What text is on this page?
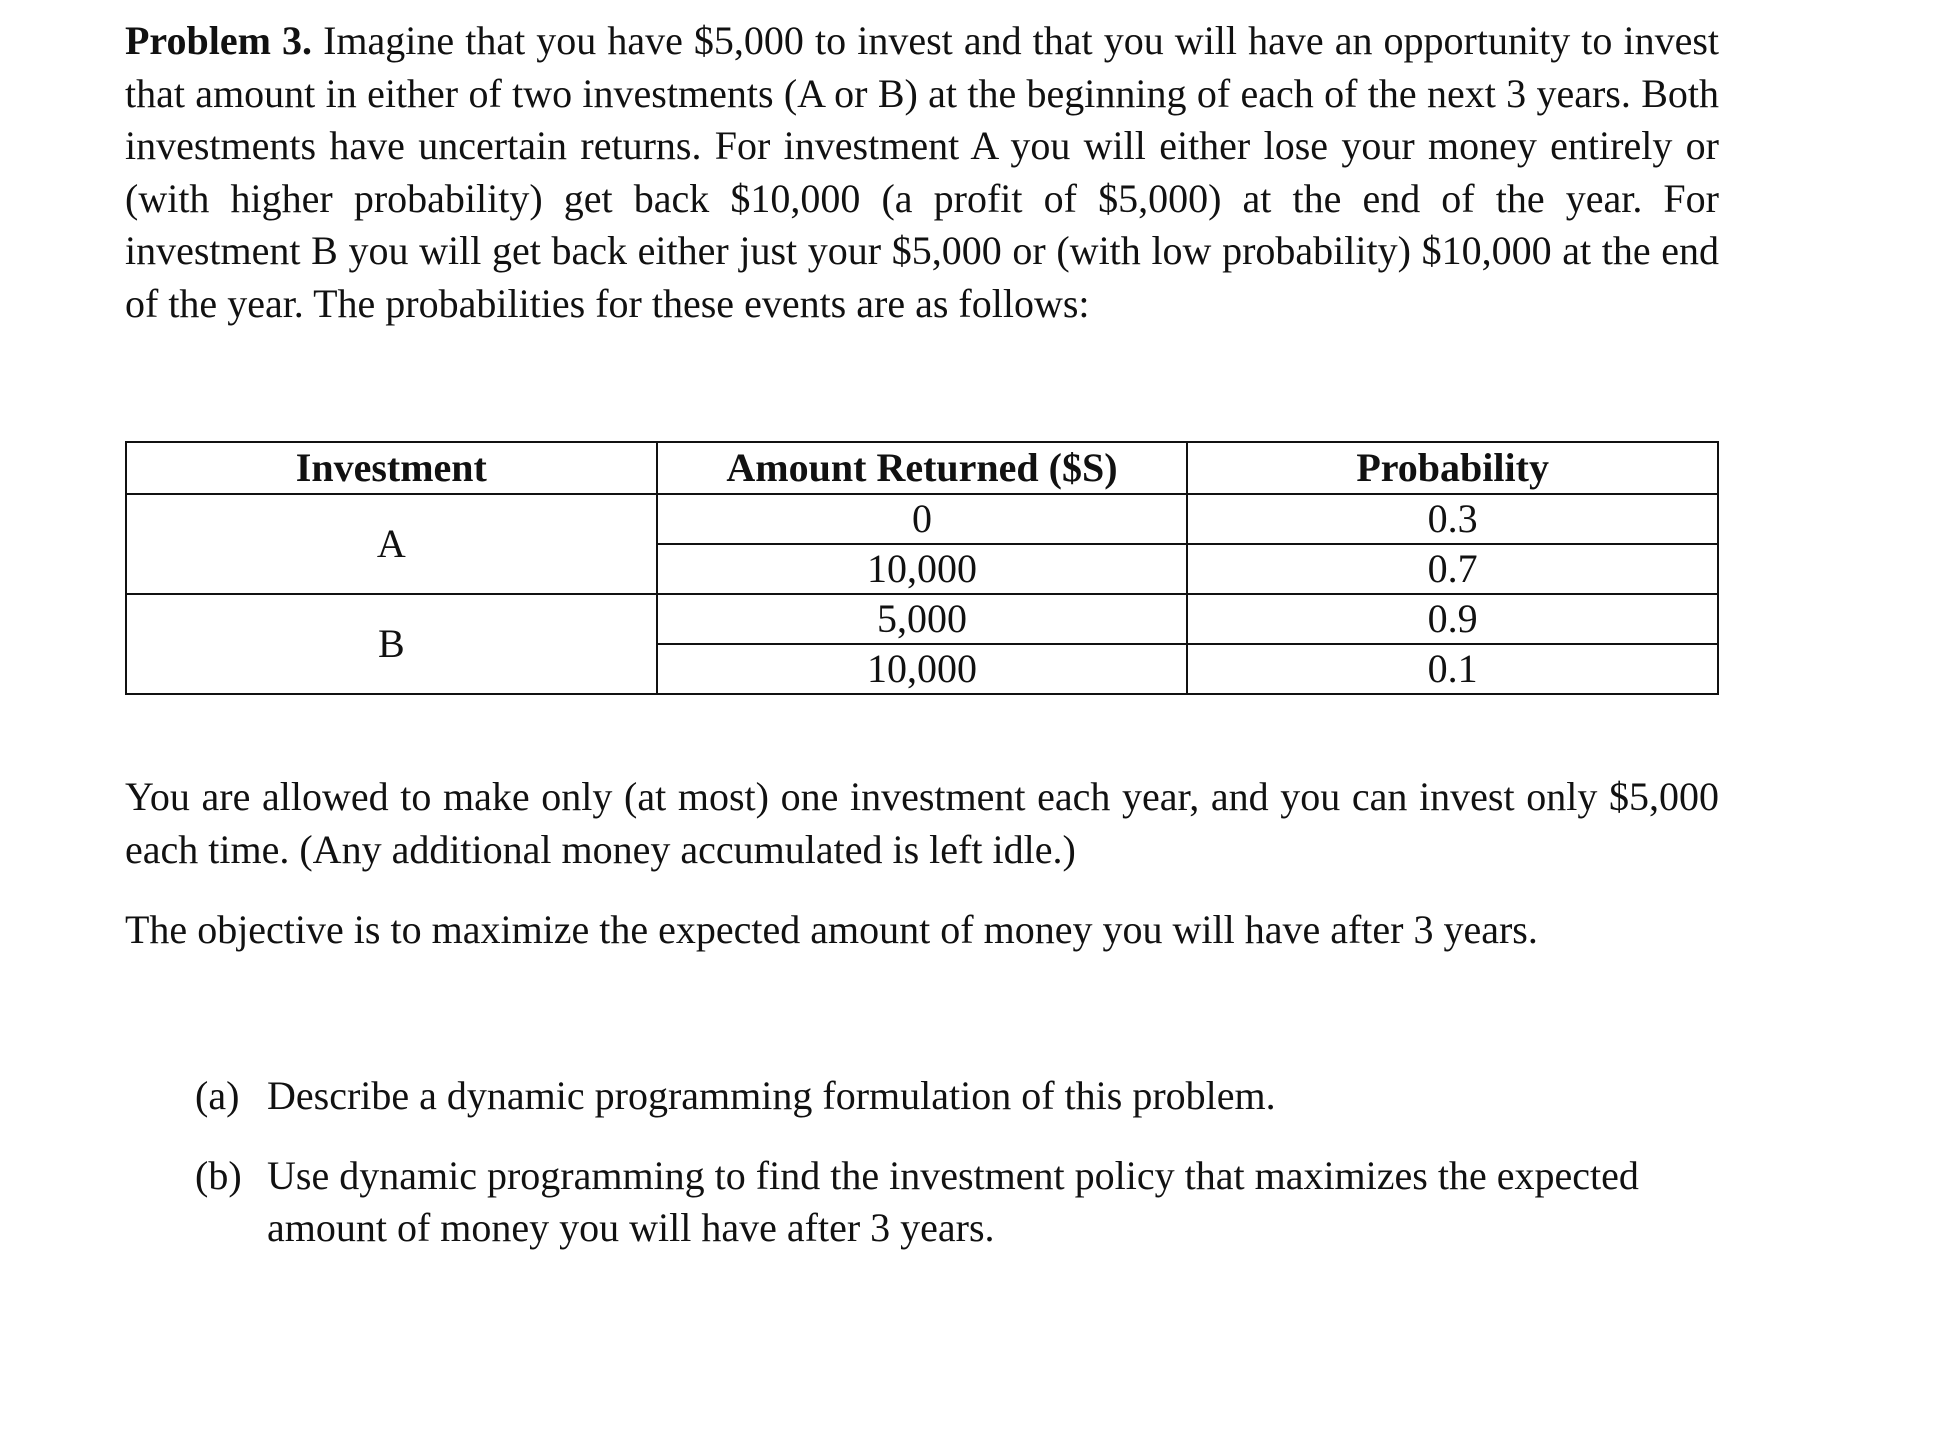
Problem 3. Imagine that you have $5,000 to invest and that you will have an opportunity to invest that amount in either of two investments (A or B) at the beginning of each of the next 3 years. Both investments have uncertain returns. For investment A you will either lose your money entirely or (with higher probability) get back $10,000 (a profit of $5,000) at the end of the year. For investment B you will get back either just your $5,000 or (with low probability) $10,000 at the end of the year. The probabilities for these events are as follows:

Investment	Amount Returned ($S)	Probability
A	0	0.3
	10,000	0.7
B	5,000	0.9
	10,000	0.1

You are allowed to make only (at most) one investment each year, and you can invest only $5,000 each time. (Any additional money accumulated is left idle.)

The objective is to maximize the expected amount of money you will have after 3 years.

(a) Describe a dynamic programming formulation of this problem.
(b) Use dynamic programming to find the investment policy that maximizes the expected amount of money you will have after 3 years.
